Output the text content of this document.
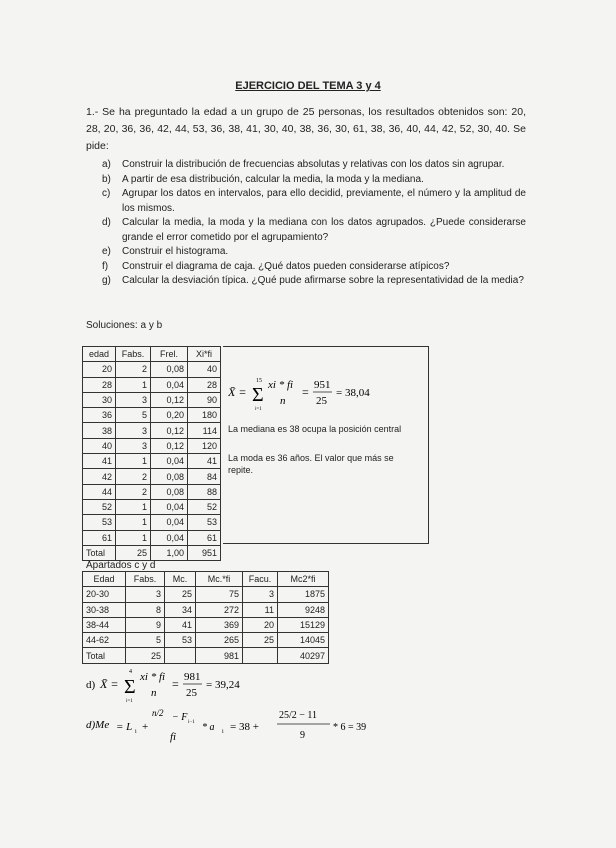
EJERCICIO DEL TEMA 3 y 4
1.- Se ha preguntado la edad a un grupo de 25 personas, los resultados obtenidos son: 20, 28, 20, 36, 36, 42, 44, 53, 36, 38, 41, 30, 40, 38, 36, 30, 61, 38, 36, 40, 44, 42, 52, 30, 40. Se pide:
a)	Construir la distribución de frecuencias absolutas y relativas con los datos sin agrupar.
b)	A partir de esa distribución, calcular la media, la moda y la mediana.
c)	Agrupar los datos en intervalos, para ello decidid, previamente, el número y la amplitud de los mismos.
d)	Calcular la media, la moda y la mediana con los datos agrupados. ¿Puede considerarse grande el error cometido por el agrupamiento?
e)	Construir el histograma.
f)	Construir el diagrama de caja. ¿Qué datos pueden considerarse atípicos?
g)	Calcular la desviación típica. ¿Qué pude afirmarse sobre la representatividad de la media?
Soluciones: a y b
edad	Fabs.	Frel.	Xi*fi
20	2	0,08	40
28	1	0,04	28
30	3	0,12	90
36	5	0,20	180
38	3	0,12	114
40	3	0,12	120
41	1	0,04	41
42	2	0,08	84
44	2	0,08	88
52	1	0,04	52
53	1	0,04	53
61	1	0,04	61
Total	25	1,00	951
X̄ = Σ
15
i=1
xi * fi
n
= 951
25
= 38,04
La mediana es 38 ocupa la posición central
La moda es 36 años. El valor que más se repite.
Apartados c y d
Edad	Fabs.	Mc.	Mc.*fi	Facu.	Mc2*fi
20-30	3	25	75	3	1875
30-38	8	34	272	11	9248
38-44	9	41	369	20	15129
44-62	5	53	265	25	14045
Total	25		981		40297
d) X̄ = Σ
4
i=1
xi * fi
n
= 981
25
= 39,24
d)Me = L i +
n/2 − F i−1
fi
* a i = 38 +
25/2 − 11
9
* 6 = 39
